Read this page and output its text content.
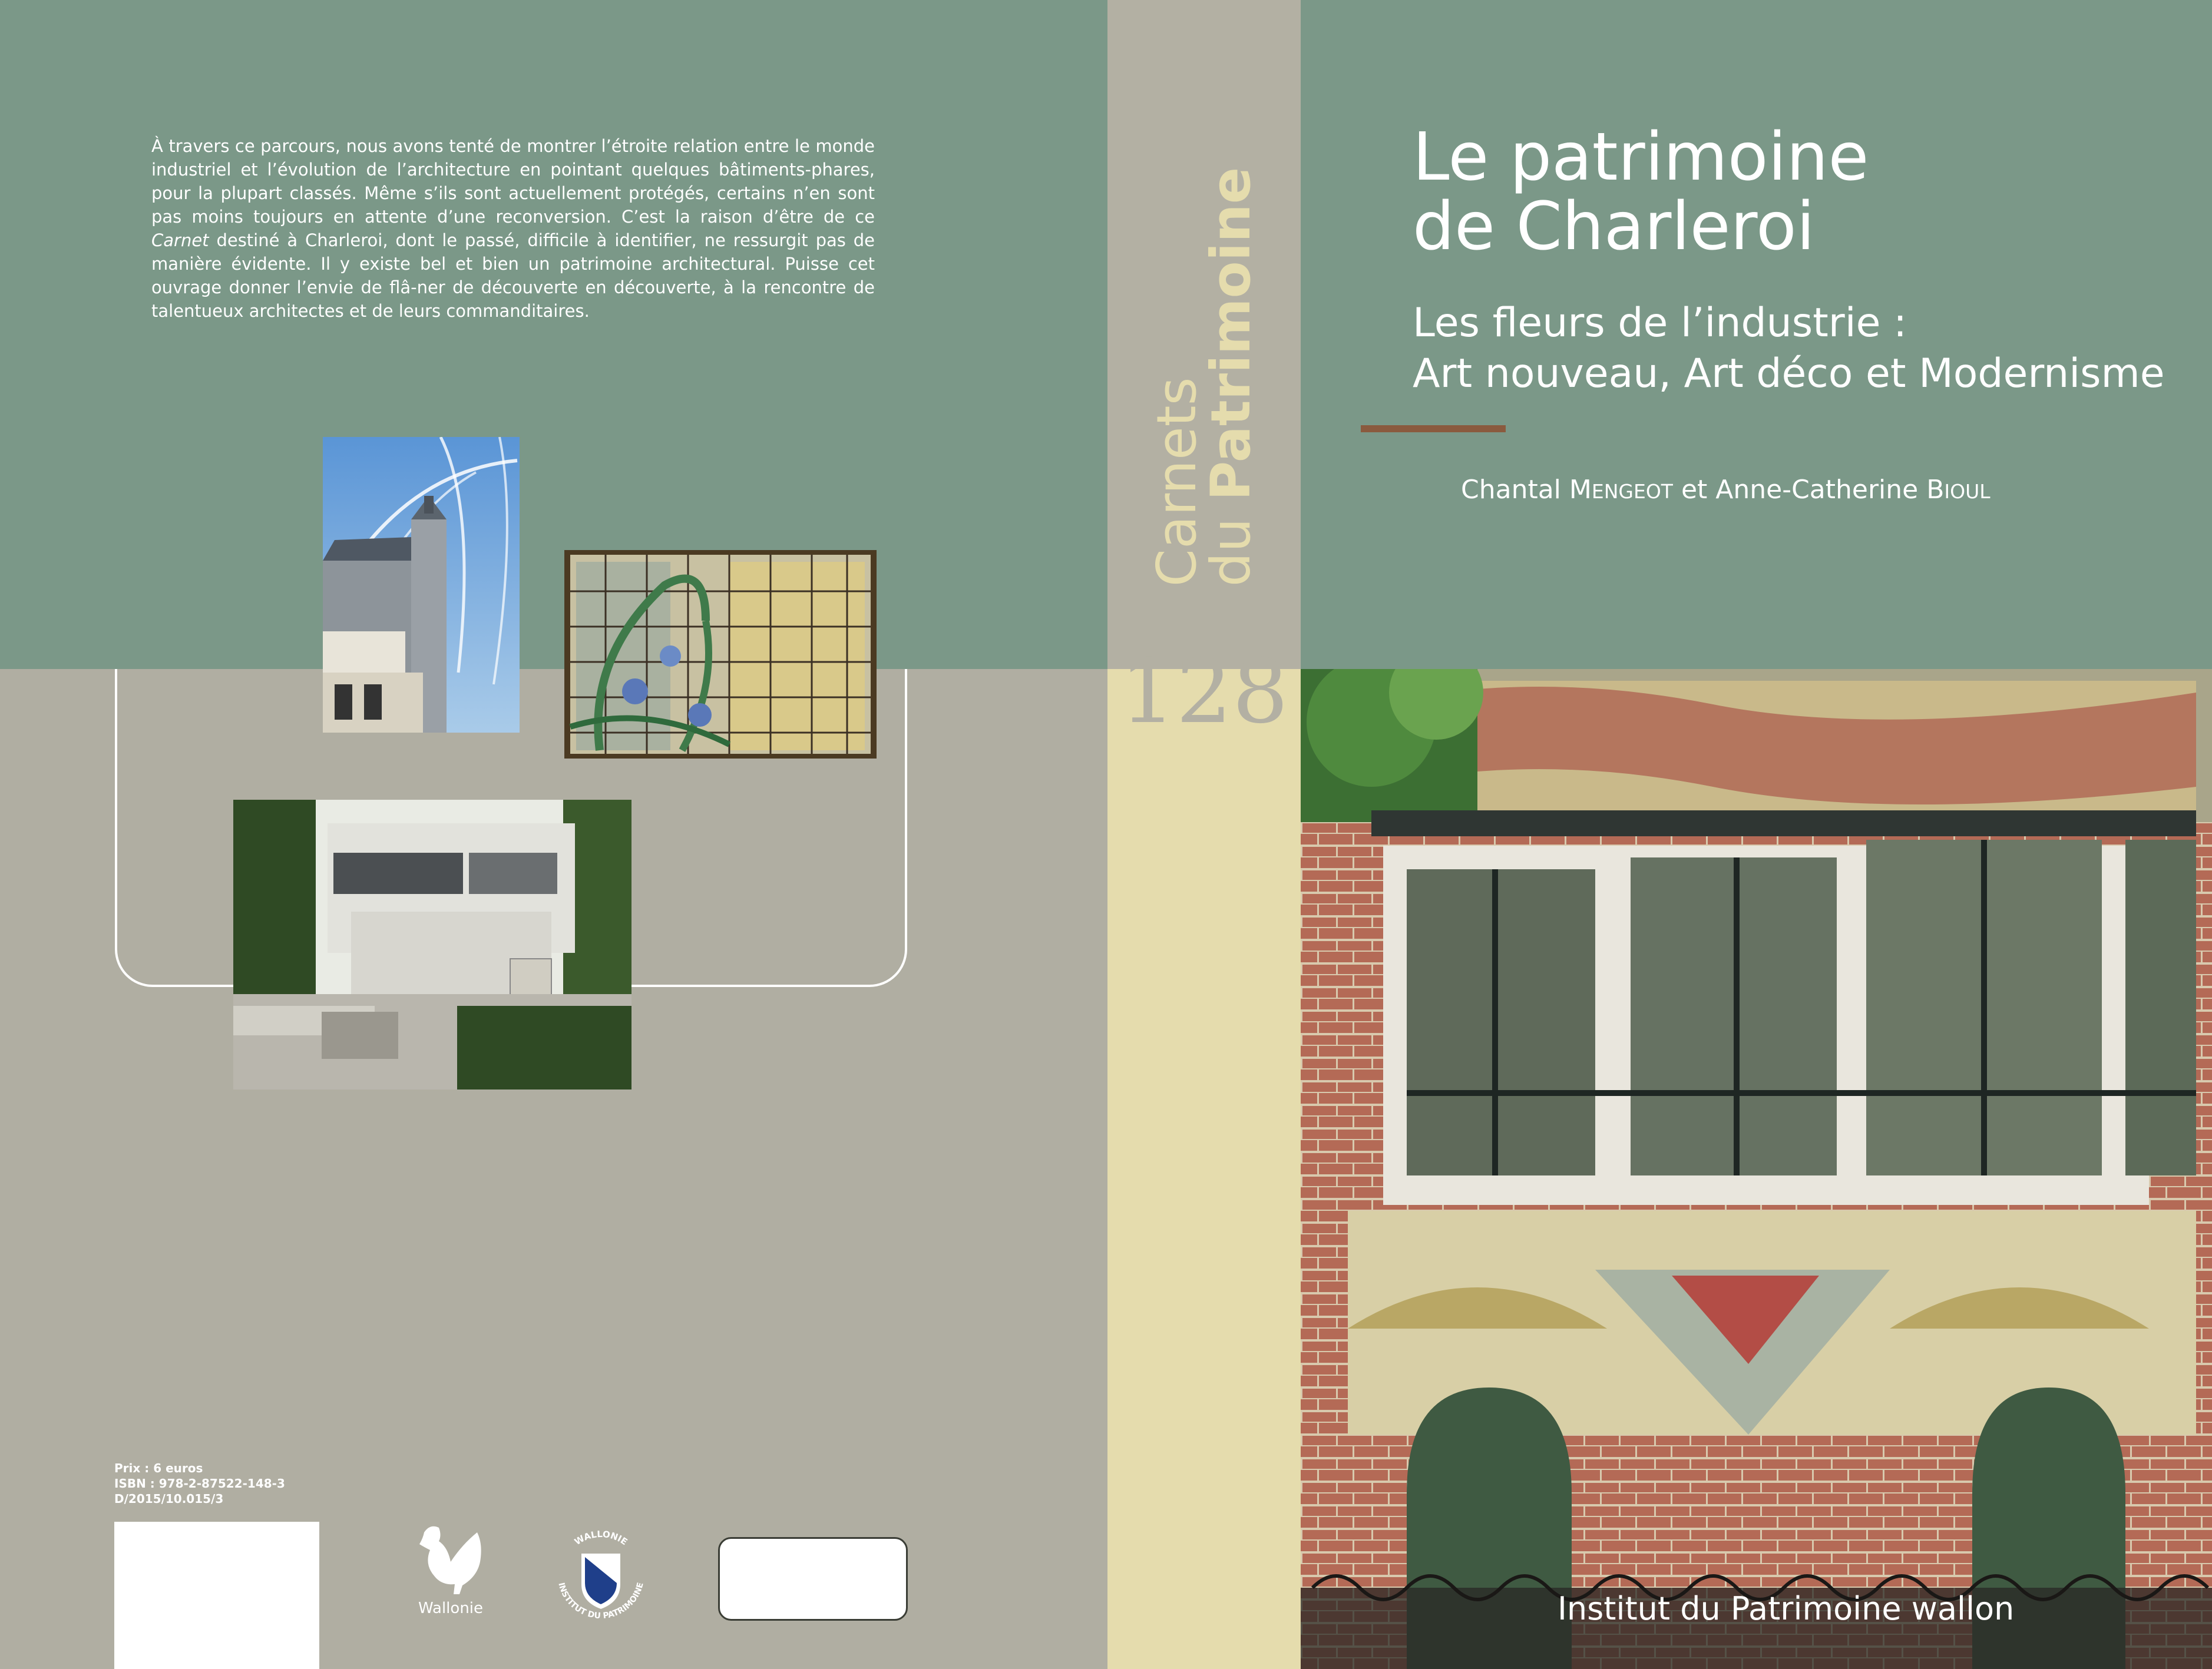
À travers ce parcours, nous avons tenté de montrer l’étroite relation entre le monde industriel et l’évolution de l’architecture en pointant quelques bâtiments-phares, pour la plupart classés. Même s’ils sont actuellement protégés, certains n’en sont pas moins toujours en attente d’une reconversion. C’est la raison d’être de ce Carnet destiné à Charleroi, dont le passé, difficile à identifier, ne ressurgit pas de manière évidente. Il y existe bel et bien un patrimoine architectural. Puisse cet ouvrage donner l’envie de flâ-ner de découverte en découverte, à la rencontre de talentueux architectes et de leurs commanditaires.
Prix : 6 euros
ISBN : 978-2-87522-148-3
D/2015/10.015/3
Wallonie
WALLONIE
INSTITUT DU PATRIMOINE
Carnets
du Patrimoine
128
Le patrimoine
de Charleroi
Les fleurs de l’industrie :
Art nouveau, Art déco et Modernisme
Chantal MENGEOT et Anne-Catherine BIOUL
Institut du Patrimoine wallon
